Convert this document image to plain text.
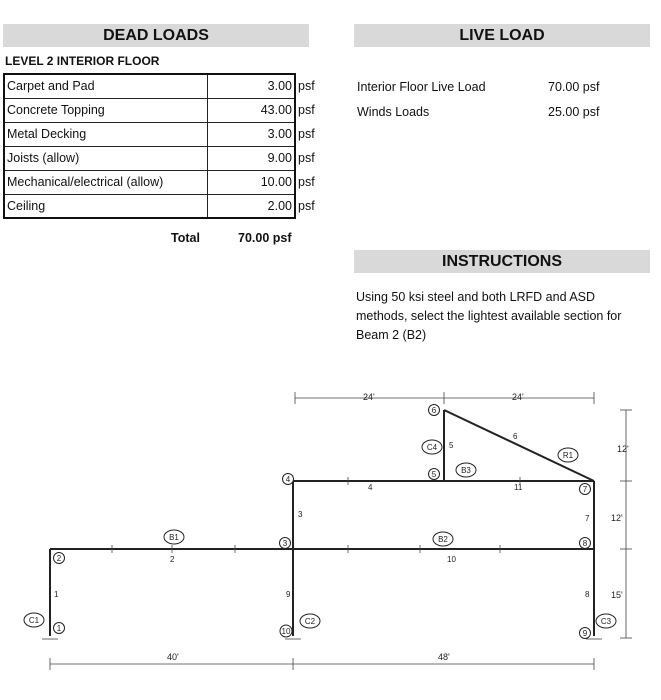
DEAD LOADS
LEVEL 2 INTERIOR FLOOR
Carpet and Pad	3.00	psf
Concrete Topping	43.00	psf
Metal Decking	3.00	psf
Joists (allow)	9.00	psf
Mechanical/electrical (allow)	10.00	psf
Ceiling	2.00	psf
Total	70.00 psf
LIVE LOAD
Interior Floor Live Load	70.00 psf
Winds Loads	25.00 psf
INSTRUCTIONS
Using 50 ksi steel and both LRFD and ASD methods, select the lightest available section for Beam 2 (B2)
24'	24'
40'	48'
12'
12'
15'
1
2
3
4
5
6
7
8
9
10
11
1
2
3
4
5
6
7
8
9
10
C1	C2	C3
C4
B1	B2
B3
R1
